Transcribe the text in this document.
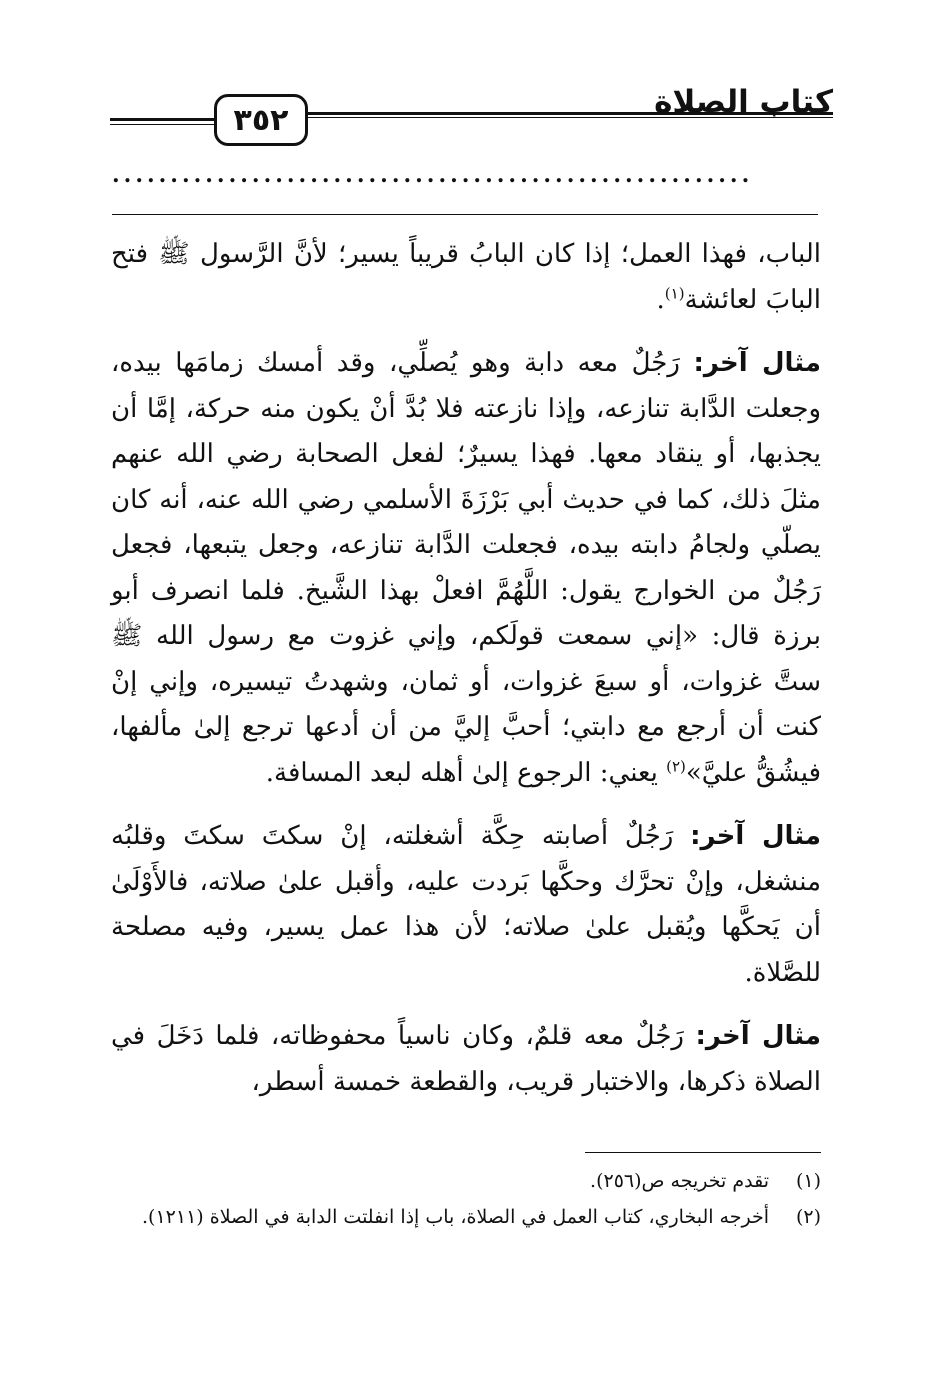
كتاب الصلاة
٣٥٢
.......................................................

الباب، فهذا العمل؛ إذا كان البابُ قريباً يسير؛ لأنَّ الرَّسول ﷺ فتح البابَ لعائشة$^{(١)}$.

مثال آخر: رَجُلٌ معه دابة وهو يُصلِّي، وقد أمسك زمامَها بيده، وجعلت الدَّابة تنازعه، وإذا نازعته فلا بُدَّ أنْ يكون منه حركة، إمَّا أن يجذبها، أو ينقاد معها. فهذا يسيرٌ؛ لفعل الصحابة رضي الله عنهم مثلَ ذلك، كما في حديث أبي بَرْزَةَ الأسلمي رضي الله عنه، أنه كان يصلّي ولجامُ دابته بيده، فجعلت الدَّابة تنازعه، وجعل يتبعها، فجعل رَجُلٌ من الخوارج يقول: اللَّهُمَّ افعلْ بهذا الشَّيخ. فلما انصرف أبو برزة قال: «إني سمعت قولَكم، وإني غزوت مع رسول الله ﷺ ستَّ غزوات، أو سبعَ غزوات، أو ثمان، وشهدتُ تيسيره، وإني إنْ كنت أن أرجع مع دابتي؛ أحبَّ إليَّ من أن أدعها ترجع إلىٰ مألفها، فيشُقُّ عليَّ»$^{(٢)}$ يعني: الرجوع إلىٰ أهله لبعد المسافة.

مثال آخر: رَجُلٌ أصابته حِكَّة أشغلته، إنْ سكتَ سكتَ وقلبُه منشغل، وإنْ تحرَّك وحكَّها بَردت عليه، وأقبل علىٰ صلاته، فالأَوْلَىٰ أن يَحكَّها ويُقبل علىٰ صلاته؛ لأن هذا عمل يسير، وفيه مصلحة للصَّلاة.

مثال آخر: رَجُلٌ معه قلمٌ، وكان ناسياً محفوظاته، فلما دَخَلَ في الصلاة ذكرها، والاختبار قريب، والقطعة خمسة أسطر،

(١)
تقدم تخريجه ص(٢٥٦).
(٢)
أخرجه البخاري، كتاب العمل في الصلاة، باب إذا انفلتت الدابة في الصلاة (١٢١١).
